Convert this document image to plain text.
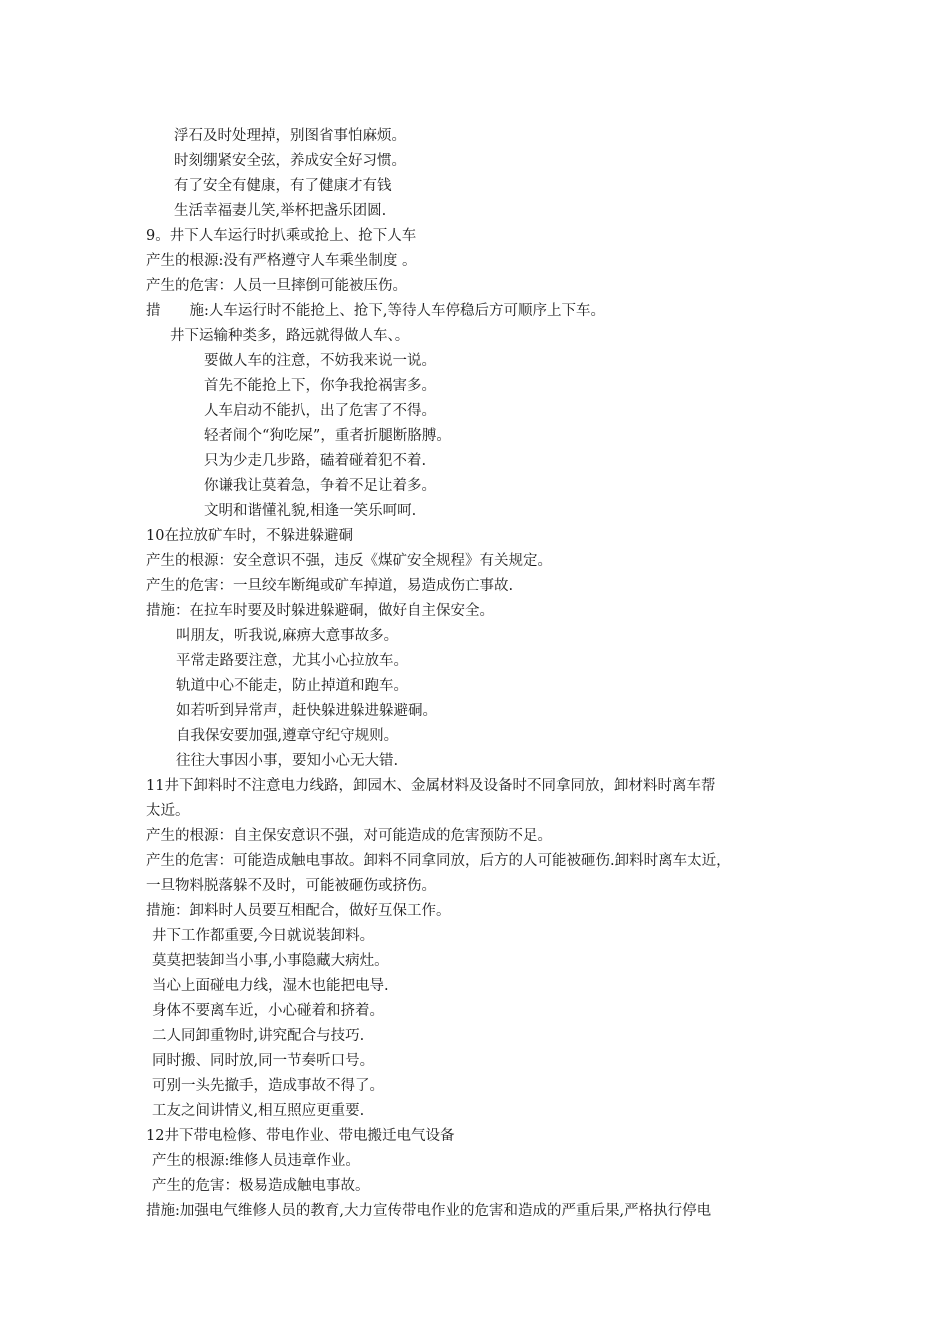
浮石及时处理掉，别图省事怕麻烦。
时刻绷紧安全弦，养成安全好习惯。
有了安全有健康，有了健康才有钱
生活幸福妻儿笑,举杯把盏乐团圆.
9。井下人车运行时扒乘或抢上、抢下人车
产生的根源:没有严格遵守人车乘坐制度 。
产生的危害：人员一旦摔倒可能被压伤。
措　　施:人车运行时不能抢上、抢下,等待人车停稳后方可顺序上下车。
井下运输种类多，路远就得做人车、。
要做人车的注意，不妨我来说一说。
首先不能抢上下，你争我抢祸害多。
人车启动不能扒，出了危害了不得。
轻者闹个“狗吃屎”，重者折腿断胳膊。
只为少走几步路，磕着碰着犯不着.
你谦我让莫着急，争着不足让着多。
文明和谐懂礼貌,相逢一笑乐呵呵.
10在拉放矿车时，不躲进躲避硐
产生的根源：安全意识不强，违反《煤矿安全规程》有关规定。
产生的危害：一旦绞车断绳或矿车掉道，易造成伤亡事故.
措施：在拉车时要及时躲进躲避硐，做好自主保安全。
叫朋友，听我说,麻痹大意事故多。
平常走路要注意，尤其小心拉放车。
轨道中心不能走，防止掉道和跑车。
如若听到异常声，赶快躲进躲进躲避硐。
自我保安要加强,遵章守纪守规则。
往往大事因小事，要知小心无大错.
11井下卸料时不注意电力线路，卸园木、金属材料及设备时不同拿同放，卸材料时离车帮
太近。
产生的根源：自主保安意识不强，对可能造成的危害预防不足。
产生的危害：可能造成触电事故。卸料不同拿同放，后方的人可能被砸伤.卸料时离车太近，
一旦物料脱落躲不及时，可能被砸伤或挤伤。
措施：卸料时人员要互相配合，做好互保工作。
井下工作都重要,今日就说装卸料。
莫莫把装卸当小事,小事隐藏大病灶。
当心上面碰电力线，湿木也能把电导.
身体不要离车近，小心碰着和挤着。
二人同卸重物时,讲究配合与技巧.
同时搬、同时放,同一节奏听口号。
可别一头先撤手，造成事故不得了。
工友之间讲情义,相互照应更重要.
12井下带电检修、带电作业、带电搬迁电气设备
产生的根源:维修人员违章作业。
产生的危害：极易造成触电事故。
措施:加强电气维修人员的教育,大力宣传带电作业的危害和造成的严重后果,严格执行停电
